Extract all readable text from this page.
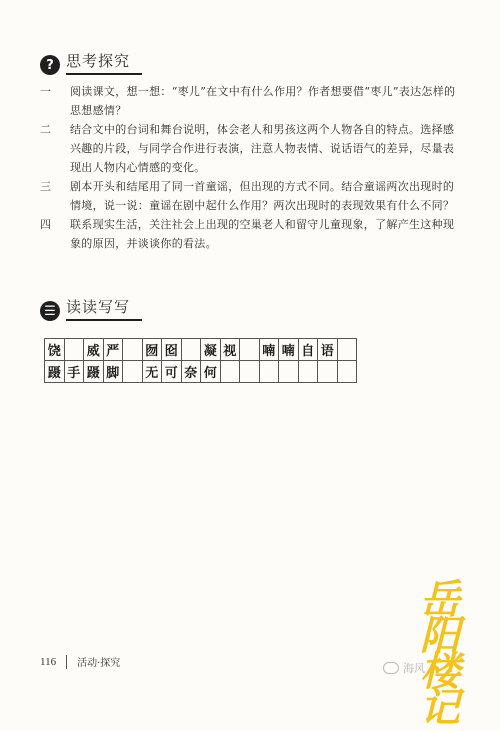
? 思考探究
一	阅读课文，想一想：“枣儿”在文中有什么作用？作者想要借“枣儿”表达怎样的思想感情？
二	结合文中的台词和舞台说明，体会老人和男孩这两个人物各自的特点。选择感兴趣的片段，与同学合作进行表演，注意人物表情、说话语气的差异，尽量表现出人物内心情感的变化。
三	剧本开头和结尾用了同一首童谣，但出现的方式不同。结合童谣两次出现时的情境，说一说：童谣在剧中起什么作用？两次出现时的表现效果有什么不同？
四	联系现实生活，关注社会上出现的空巢老人和留守儿童现象，了解产生这种现象的原因，并谈谈你的看法。
☰ 读读写写
饶		威	严		囫	囵		凝	视		喃	喃	自	语	
蹑	手	蹑	脚		无	可	奈	何							
116 活动·探究	海风
岳阳楼记
